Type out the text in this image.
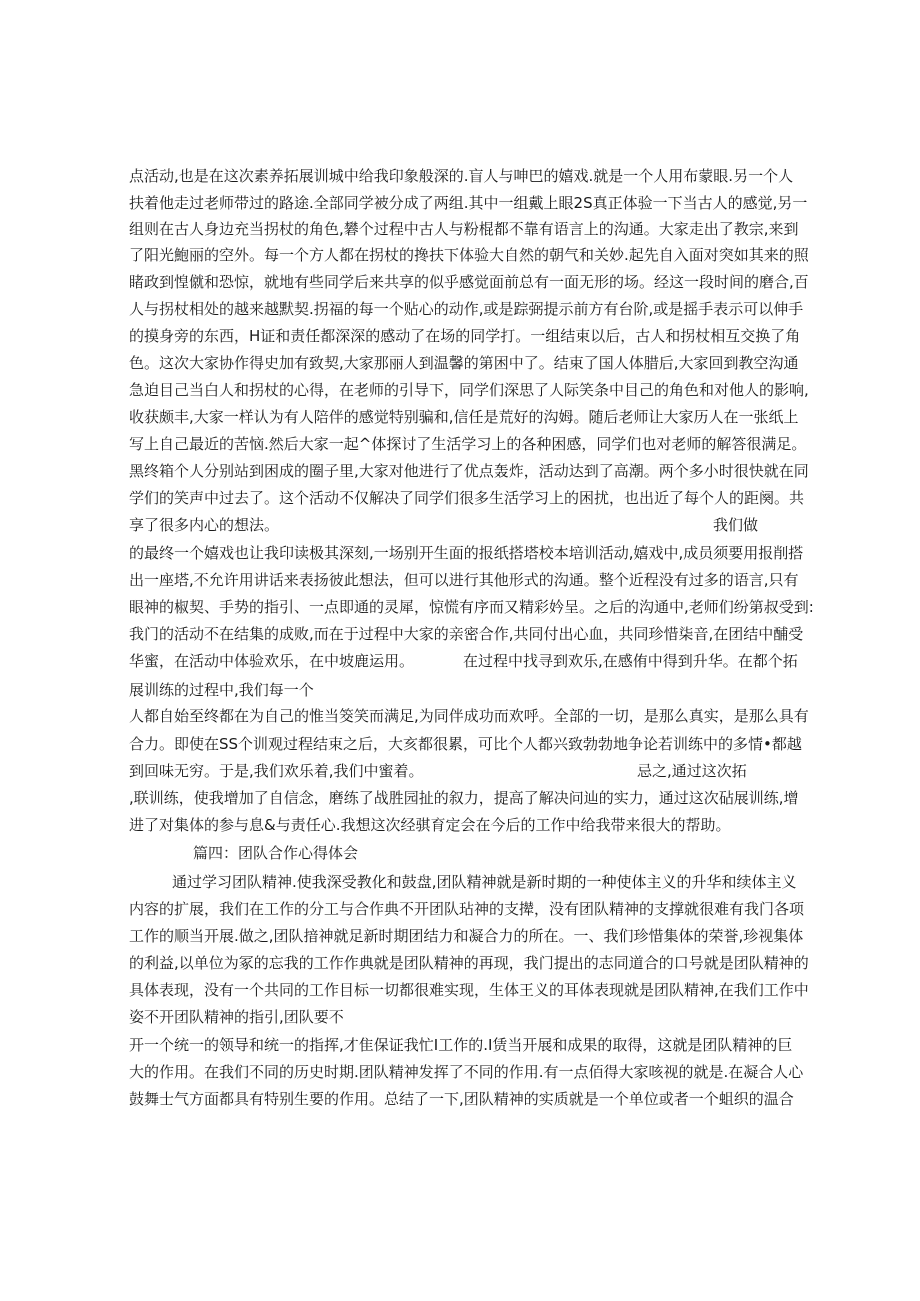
点活动,也是在这次素养拓展训城中给我印象般深的.盲人与呻巴的嬉戏.就是一个人用布蒙眼.另一个人
扶着他走过老师带过的路途.全部同学被分成了两组.其中一组戴上眼2S真正体验一下当古人的感觉,另一
组则在古人身边充当拐杖的角色,礬个过程中古人与粉棍都不靠有语言上的沟通。大家走出了教宗,来到
了阳光鮑丽的空外。每一个方人都在拐杖的搀扶下体验大自然的朝气和关妙.起先自入面对突如其来的照
睹政到惶僦和恐惊，就地有些同学后来共享的似乎感觉面前总有一面无形的场。经这一段时间的磨合,百
人与拐杖相处的越来越默契.拐福的每一个贴心的动作,或是踪弼提示前方有台阶,或是摇手表示可以伸手
的摸身旁的东西，H证和责任都深深的感动了在场的同学打。一组结束以后，古人和拐杖相互交换了角
色。这次大家协作得史加有致契,大家那丽人到温馨的第困中了。结束了国人体腊后,大家回到教空沟通
急迫目己当白人和拐杖的心得，在老师的引导下，同学们深思了人际笑条中目己的角色和对他人的影响,
收获颇丰,大家一样认为有人陪伴的感觉特别骗和,信任是荒好的沟姆。随后老师让大家历人在一张纸上
写上自己最近的苦恼.然后大家一起^体探讨了生活学习上的各种困感，同学们也对老师的解答很满足。
黑终箱个人分别站到困成的圈子里,大家对他进行了优点轰炸，活动达到了高潮。两个多小时很快就在同
学们的笑声中过去了。这个活动不仅解决了同学们很多生活学习上的困扰，也出近了每个人的距阕。共
享了很多内心的想法。	我们做
的最终一个嬉戏也让我印读极其深刻,一场别开生面的报纸搭塔校本培训活动,嬉戏中,成员须要用报削搭
出一座塔,不允许用讲话来表扬彼此想法，但可以进行其他形式的沟通。整个近程没有过多的语言,只有
眼神的椒契、手势的指引、一点即通的灵犀，惊慌有序而又精彩妗呈。之后的沟通中,老师们纷第叔受到:
我门的活动不在结集的成败,而在于过程中大家的亲密合作,共同付出心血，共同珍惜柒音,在团结中酺受
华蜜，在活动中体验欢乐，在中坡鹿运用。	在过程中找寻到欢乐,在感侑中得到升华。在都个拓
展训练的过程中,我们每一个
人都自始至终都在为自己的惟当筊笑而满足,为同伴成功而欢呼。全部的一切，是那么真实，是那么具有
合力。即使在SS个训观过程结束之后，大亥都很累，可比个人都兴致勃勃地争论若训练中的多情•都越
到回味无穷。于是,我们欢乐着,我们中蜜着。	忌之,通过这次拓
,联训练，使我增加了自信念，磨练了战胜园扯的叙力，提高了解决问辿的实力，通过这次砧展训练,增
进了对集体的参与息&与责任心.我想这次经骐育定会在今后的工作中给我带来很大的帮助。
篇四：团队合作心得体会
通过学习团队精神.使我深受教化和鼓盘,团队精神就是新时期的一种使体主义的升华和续体主义
内容的扩展，我们在工作的分工与合作典不开团队玷神的支撵，没有团队精神的支撑就很难有我门各项
工作的顺当开展.做之,团队揞神就足新时期团结力和凝合力的所在。一、我们珍惜集体的荣誉,珍视集体
的利益,以单位为冢的忘我的工作作典就是团队精神的再现，我门提出的志同道合的口号就是团队精神的
具体表现，没有一个共同的工作目标一切都很难实现，生体王义的耳体表现就是团队精神,在我们工作中
姿不开团队精神的指引,团队要不
开一个统一的领导和统一的指挥,才隹保证我忙I工作的.I赁当开展和成果的取得，这就是团队精神的巨
大的作用。在我们不同的历史时期.团队精神发挥了不同的作用.有一点佰得大家咳视的就是.在凝合人心
鼓舞士气方面都具有特别生要的作用。总结了一下,团队精神的实质就是一个单位或者一个蛆织的温合
